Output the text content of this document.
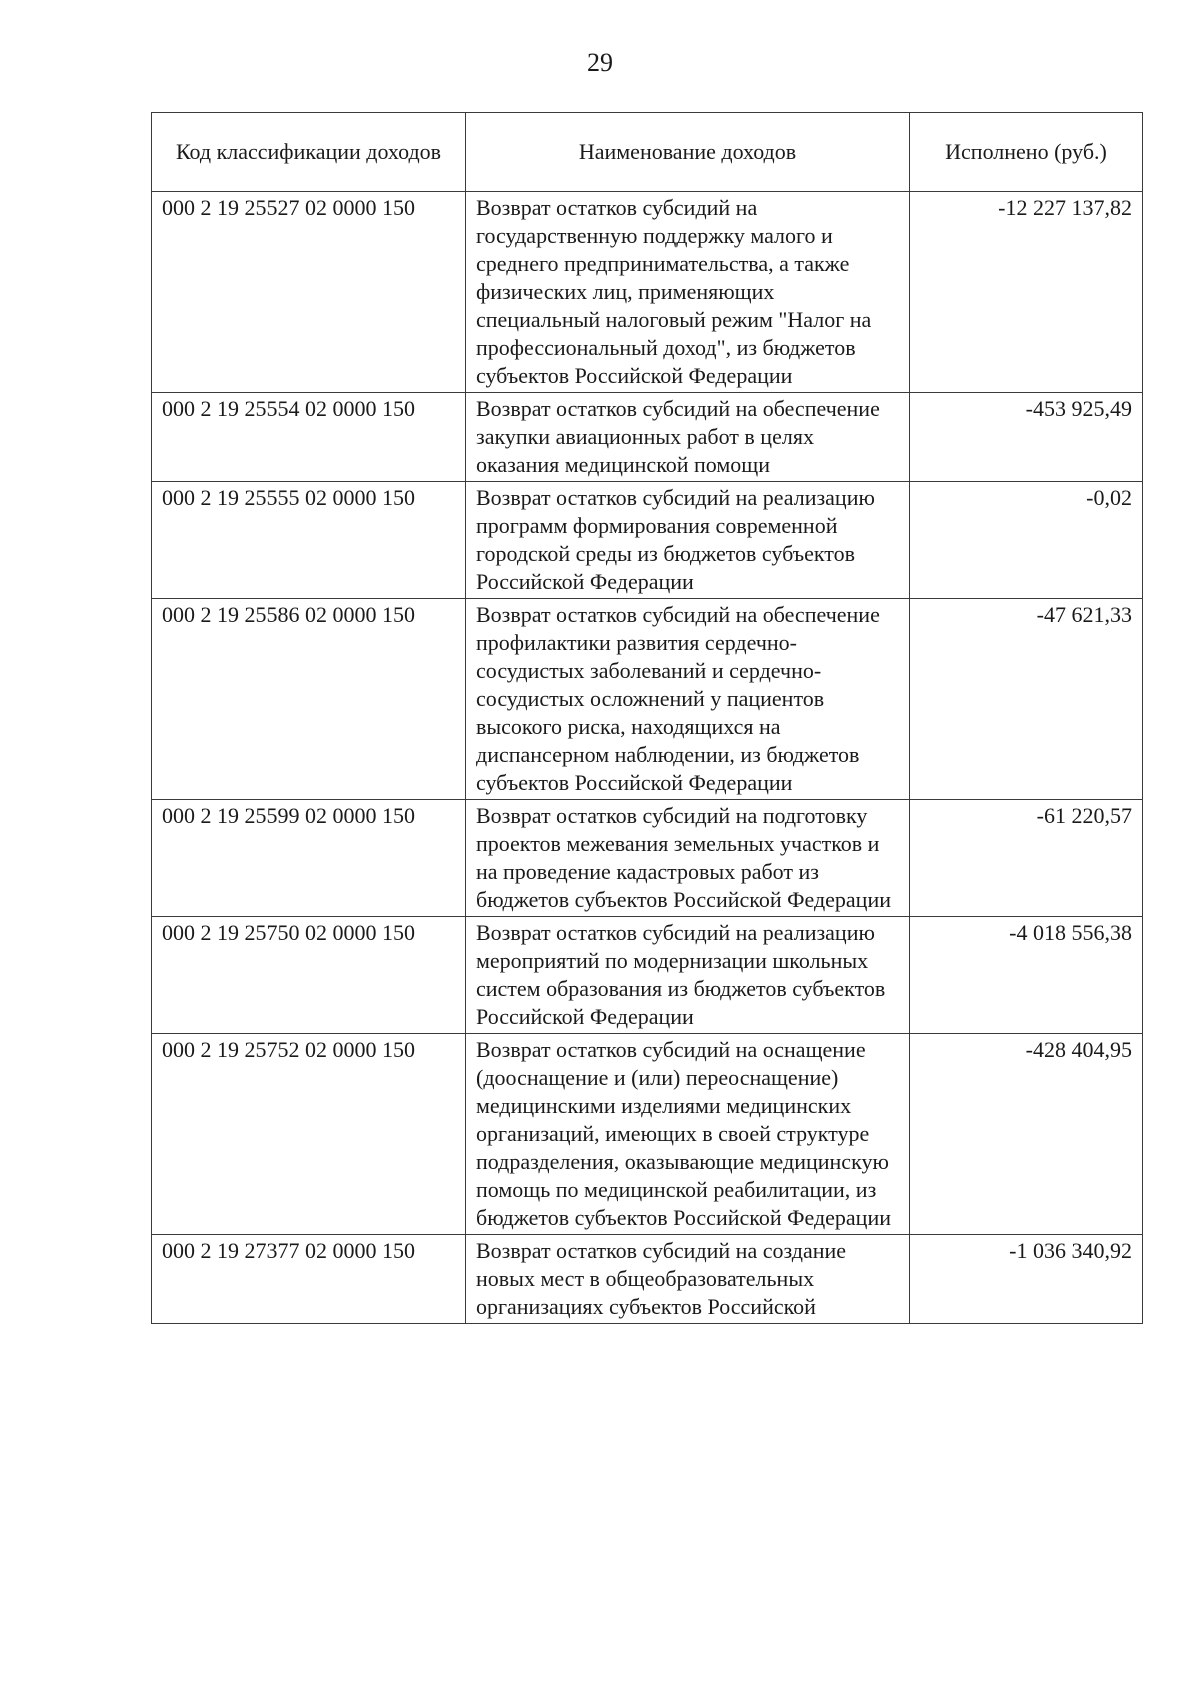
29
Код классификации доходов	Наименование доходов	Исполнено (руб.)
000 2 19 25527 02 0000 150	Возврат остатков субсидий на государственную поддержку малого и среднего предпринимательства, а также физических лиц, применяющих специальный налоговый режим "Налог на профессиональный доход", из бюджетов субъектов Российской Федерации	-12 227 137,82
000 2 19 25554 02 0000 150	Возврат остатков субсидий на обеспечение закупки авиационных работ в целях оказания медицинской помощи	-453 925,49
000 2 19 25555 02 0000 150	Возврат остатков субсидий на реализацию программ формирования современной городской среды из бюджетов субъектов Российской Федерации	-0,02
000 2 19 25586 02 0000 150	Возврат остатков субсидий на обеспечение профилактики развития сердечно-сосудистых заболеваний и сердечно-сосудистых осложнений у пациентов высокого риска, находящихся на диспансерном наблюдении, из бюджетов субъектов Российской Федерации	-47 621,33
000 2 19 25599 02 0000 150	Возврат остатков субсидий на подготовку проектов межевания земельных участков и на проведение кадастровых работ из бюджетов субъектов Российской Федерации	-61 220,57
000 2 19 25750 02 0000 150	Возврат остатков субсидий на реализацию мероприятий по модернизации школьных систем образования из бюджетов субъектов Российской Федерации	-4 018 556,38
000 2 19 25752 02 0000 150	Возврат остатков субсидий на оснащение (дооснащение и (или) переоснащение) медицинскими изделиями медицинских организаций, имеющих в своей структуре подразделения, оказывающие медицинскую помощь по медицинской реабилитации, из бюджетов субъектов Российской Федерации	-428 404,95
000 2 19 27377 02 0000 150	Возврат остатков субсидий на создание новых мест в общеобразовательных организациях субъектов Российской	-1 036 340,92
